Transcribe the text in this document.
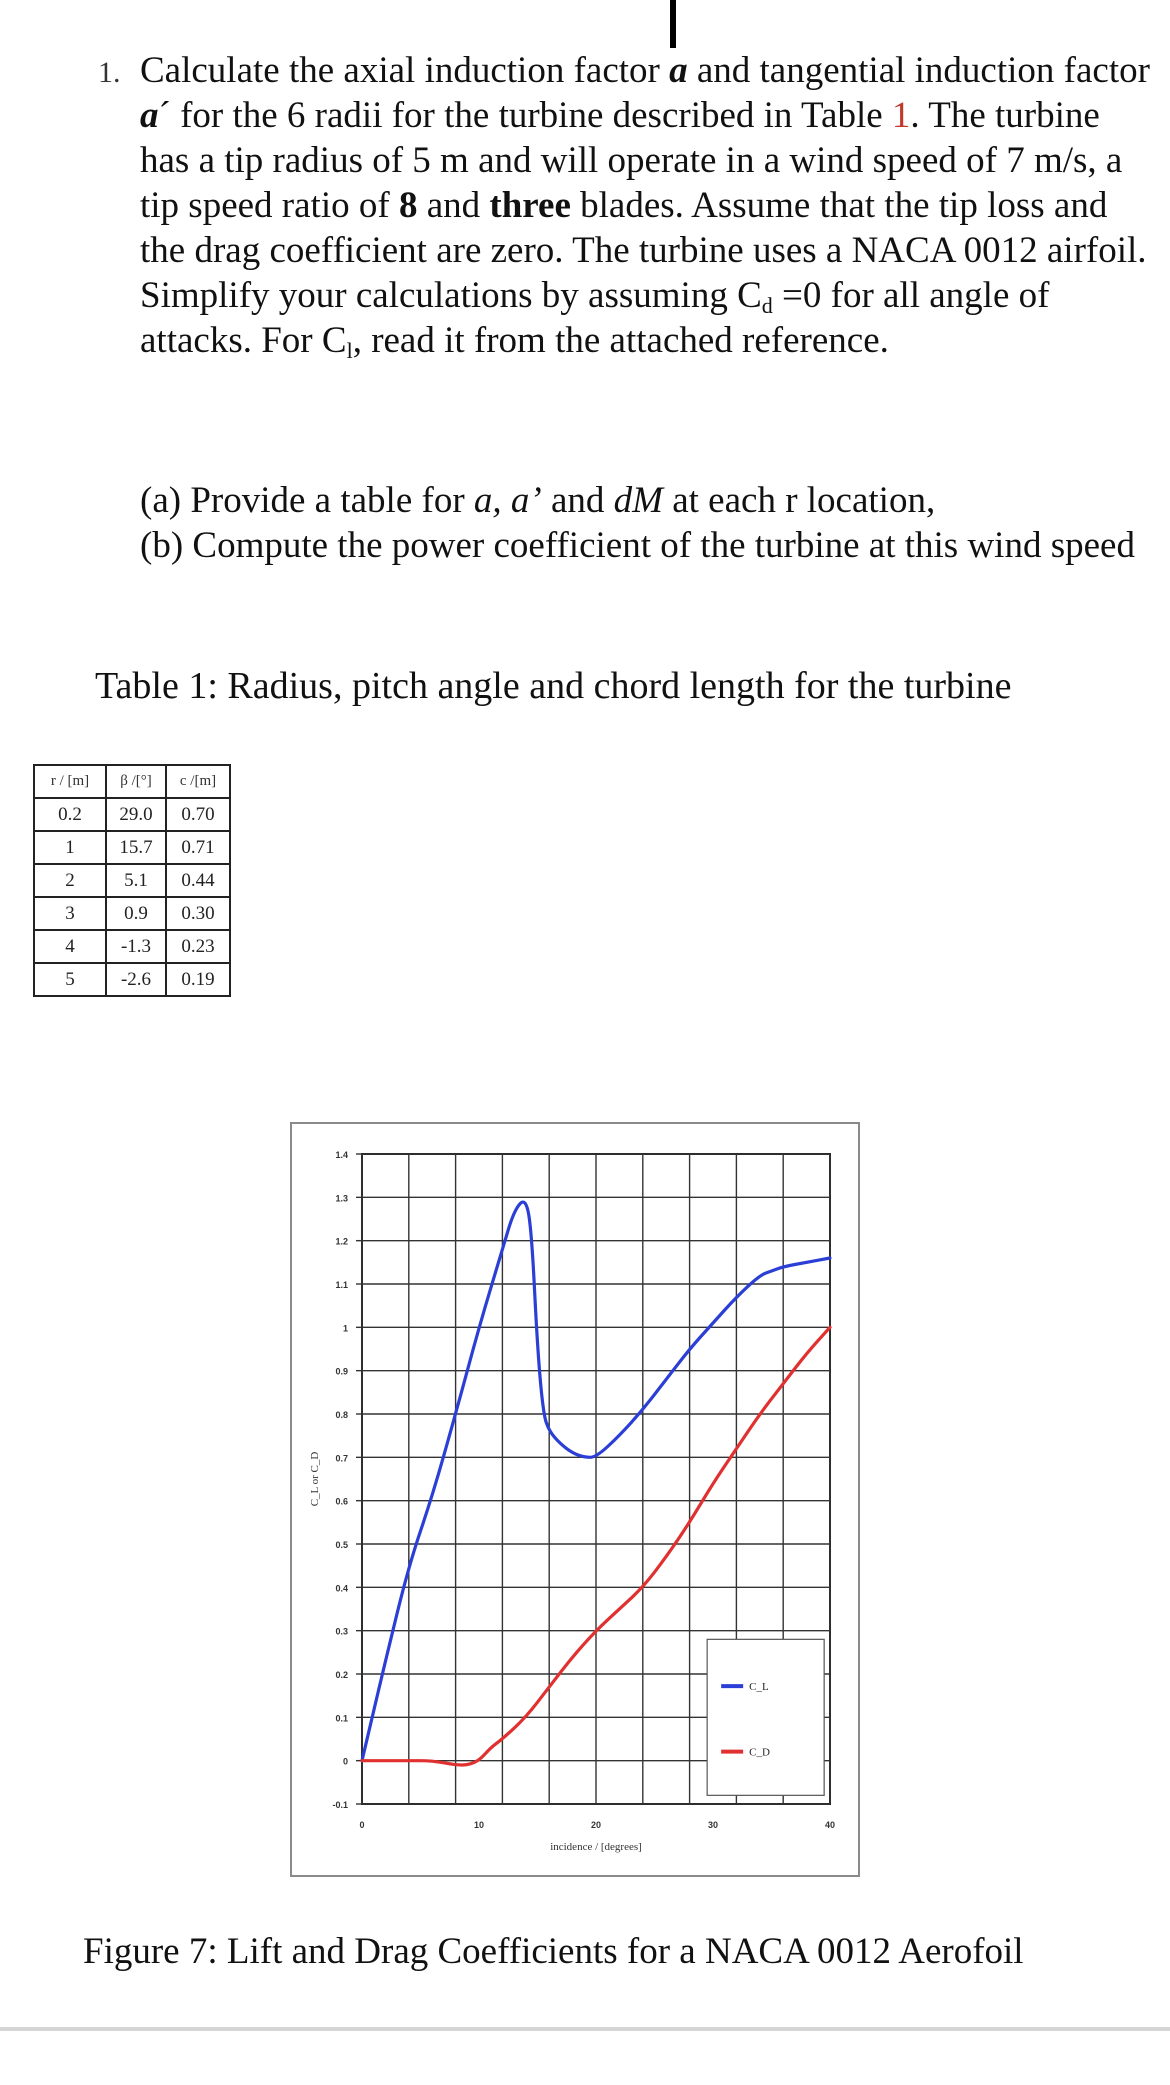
1. Calculate the axial induction factor a and tangential induction factor a´ for the 6 radii for the turbine described in Table 1. The turbine has a tip radius of 5 m and will operate in a wind speed of 7 m/s, a tip speed ratio of 8 and three blades. Assume that the tip loss and the drag coefficient are zero. The turbine uses a NACA 0012 airfoil. Simplify your calculations by assuming $C_d =0$ for all angle of attacks. For $C_l$, read it from the attached reference.
(a) Provide a table for a, a’ and dM at each r location,
(b) Compute the power coefficient of the turbine at this wind speed
Table 1: Radius, pitch angle and chord length for the turbine
r / [m]	β /[°]	c /[m]
0.2	29.0	0.70
1	15.7	0.71
2	5.1	0.44
3	0.9	0.30
4	-1.3	0.23
5	-2.6	0.19
-0.1
0
0.1
0.2
0.3
0.4
0.5
0.6
0.7
0.8
0.9
1
1.1
1.2
1.3
1.4
0	10	20	30	40
incidence / [degrees]
C_L or C_D
C_L
C_D
Figure 7: Lift and Drag Coefficients for a NACA 0012 Aerofoil
